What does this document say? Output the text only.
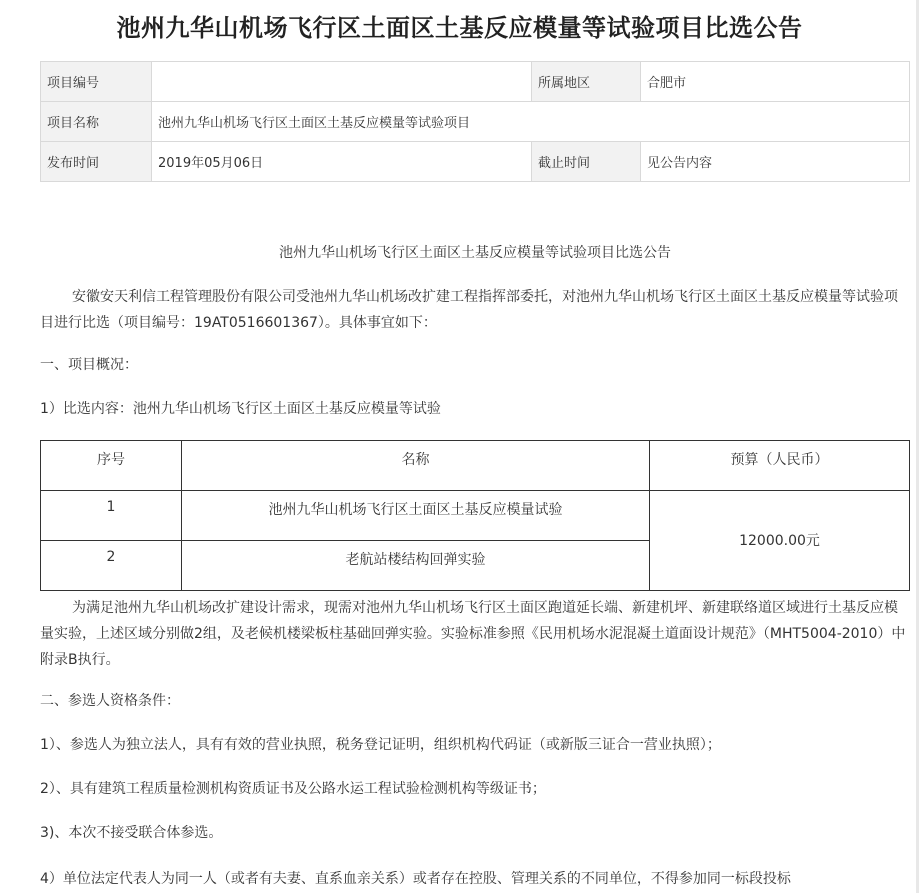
池州九华山机场飞行区土面区土基反应模量等试验项目比选公告
项目编号		所属地区	合肥市
项目名称	池州九华山机场飞行区土面区土基反应模量等试验项目		
发布时间	2019年05月06日	截止时间	见公告内容
池州九华山机场飞行区土面区土基反应模量等试验项目比选公告
安徽安天利信工程管理股份有限公司受池州九华山机场改扩建工程指挥部委托，对池州九华山机场飞行区土面区土基反应模量等试验项目进行比选（项目编号：19AT0516601367）。具体事宜如下：
一、项目概况：
1）比选内容：池州九华山机场飞行区土面区土基反应模量等试验
序号	名称	预算（人民币）
1	池州九华山机场飞行区土面区土基反应模量试验	12000.00元
2	老航站楼结构回弹实验	
为满足池州九华山机场改扩建设计需求，现需对池州九华山机场飞行区土面区跑道延长端、新建机坪、新建联络道区域进行土基反应模量实验，上述区域分别做2组，及老候机楼梁板柱基础回弹实验。实验标准参照《民用机场水泥混凝土道面设计规范》（MHT5004-2010）中附录B执行。
二、参选人资格条件：
1）、参选人为独立法人，具有有效的营业执照，税务登记证明，组织机构代码证（或新版三证合一营业执照）；
2）、具有建筑工程质量检测机构资质证书及公路水运工程试验检测机构等级证书；
3)、本次不接受联合体参选。
4）单位法定代表人为同一人（或者有夫妻、直系血亲关系）或者存在控股、管理关系的不同单位，不得参加同一标段投标
